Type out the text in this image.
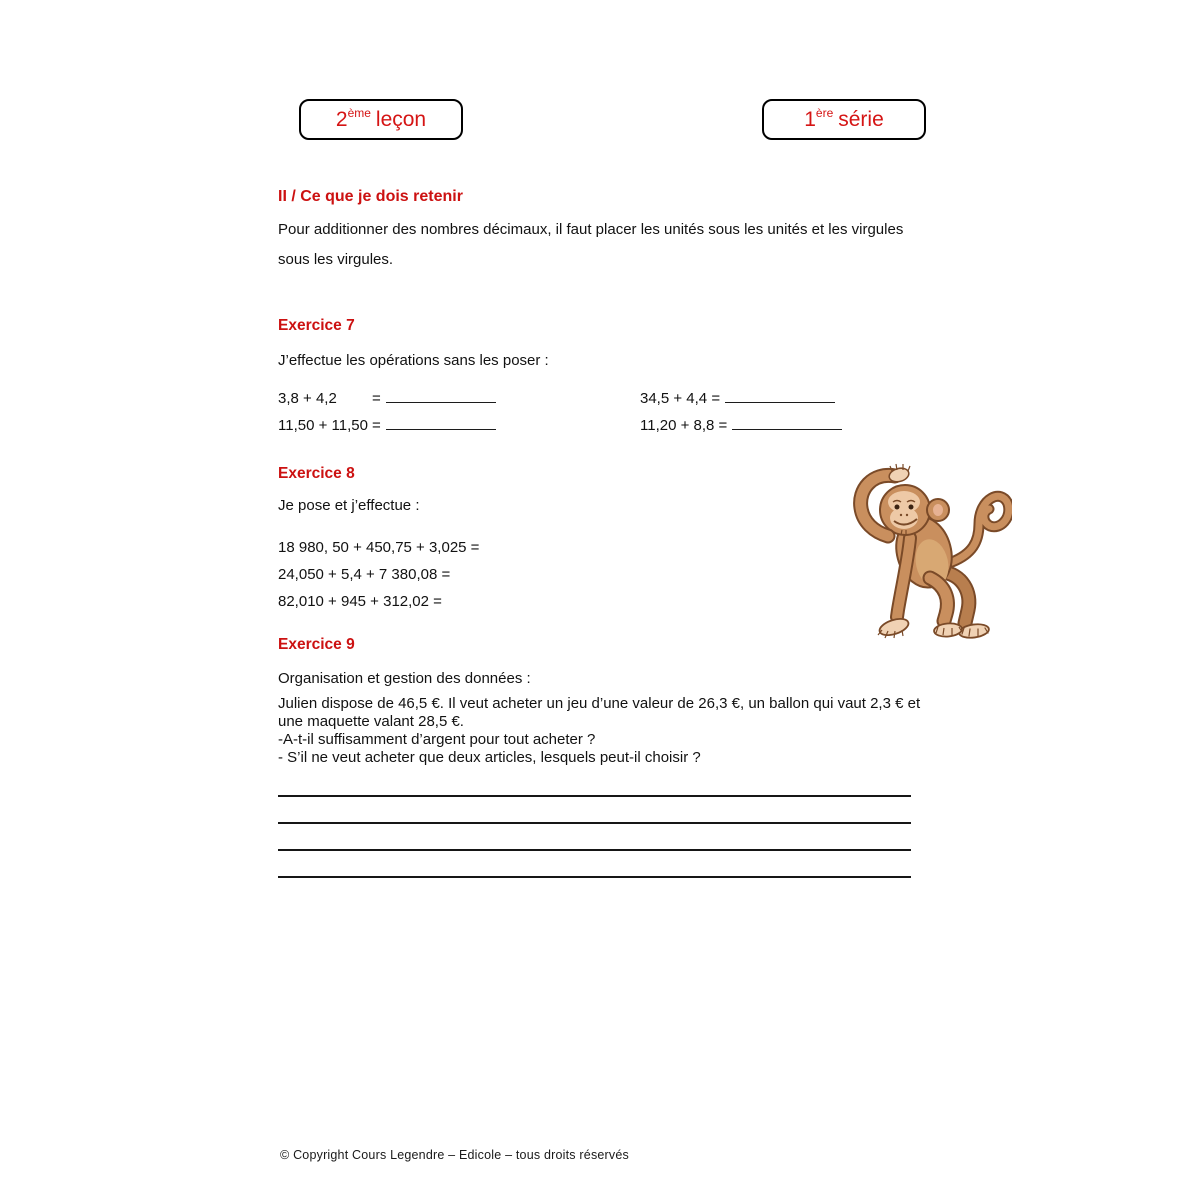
2 ème leçon	1 ère série
II / Ce que je dois retenir
Pour additionner des nombres décimaux, il faut placer les unités sous les unités et les virgules sous les virgules.
Exercice 7
J’effectue les opérations sans les poser :
3,8 + 4,2 =
11,50 + 11,50 =
34,5 + 4,4 =
11,20 + 8,8 =
Exercice 8
Je pose et j’effectue :
18 980, 50 + 450,75 + 3,025 =
24,050 + 5,4 + 7 380,08 =
82,010 + 945 + 312,02 =
Exercice 9
Organisation et gestion des données :
Julien dispose de 46,5 €. Il veut acheter un jeu d’une valeur de 26,3 €, un ballon qui vaut 2,3 € et une maquette valant 28,5 €.
-A-t-il suffisamment d’argent pour tout acheter ?
- S’il ne veut acheter que deux articles, lesquels peut-il choisir ?
© Copyright Cours Legendre – Edicole – tous droits réservés
